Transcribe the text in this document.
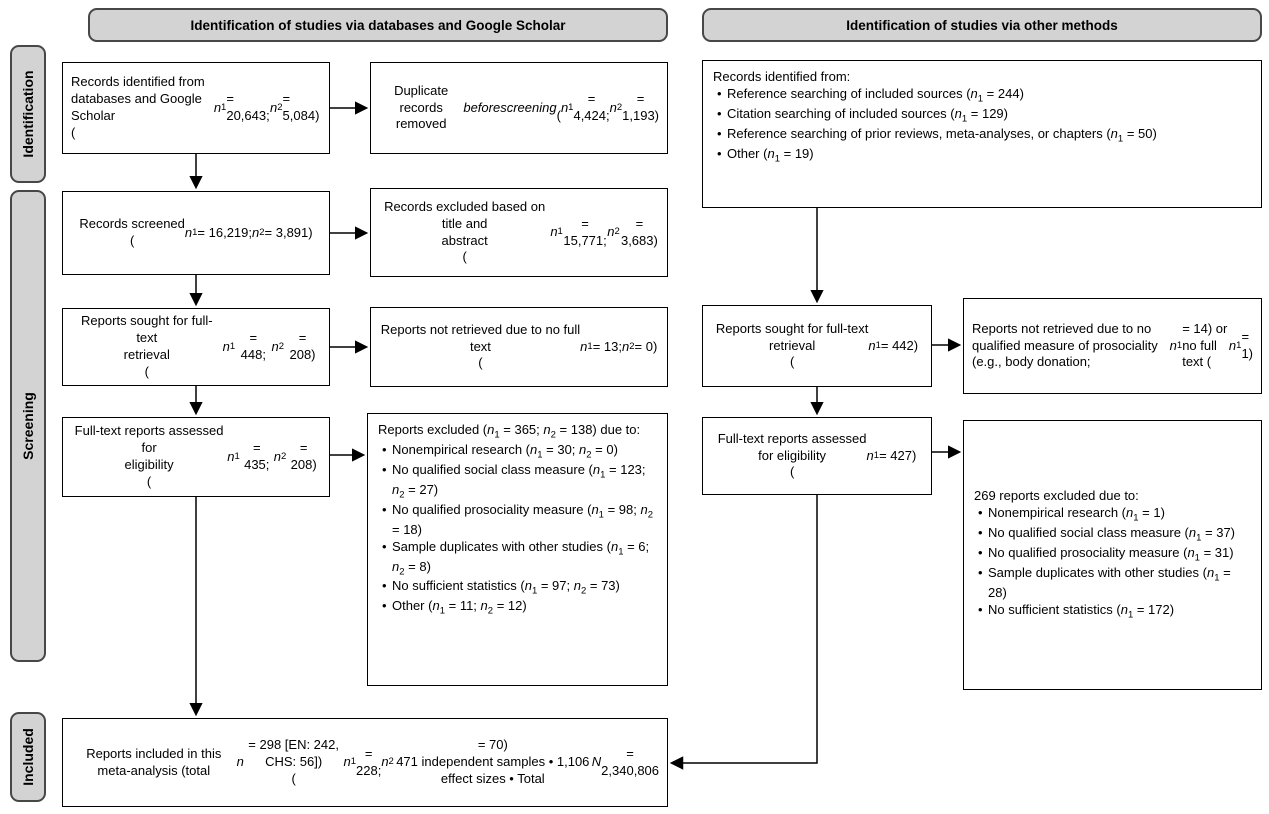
Identification of studies via databases and Google Scholar	Identification of studies via other methods
Identification
Screening
Included
Records identified from
databases and Google Scholar
(
n 1
= 20,643;
n 2
= 5,084)
Duplicate records removed
before screening

(
n 1
= 4,424;
n 2
= 1,193)
Records screened
(
n 1 = 16,219; n 2 = 3,891)
Records excluded based on title and
abstract
(
n 1
= 15,771;
n 2
= 3,683)
Reports sought for full-text
retrieval
(
n 1
= 448;
n 2
= 208)
Reports not retrieved due to no full
text
(
n 1 = 13; n 2 = 0)
Full-text reports assessed for
eligibility
(
n 1
= 435;
n 2
= 208)
Reports excluded ($n_1 = 365$; $n_2 = 138$) due to:
• Nonempirical research ($n_1 = 30$; $n_2 = 0$)
• No qualified social class measure ($n_1 = 123$; $n_2 = 27$)
• No qualified prosociality measure ($n_1 = 98$; $n_2 = 18$)
• Sample duplicates with other studies ($n_1 = 6$; $n_2 = 8$)
• No sufficient statistics ($n_1 = 97$; $n_2 = 73$)
• Other ($n_1 = 11$; $n_2 = 12$)
Records identified from:
• Reference searching of included sources $(n_1 = 244)$
• Citation searching of included sources $(n_1 = 129)$
• Reference searching of prior reviews, meta-analyses, or chapters $(n_1 = 50)$
• Other $(n_1 = 19)$
Reports sought for full-text
retrieval
(
n 1 = 442)
Reports not retrieved due to no qualified measure of prosociality (e.g., body donation;
n 1
= 14) or no full text (
n 1
= 1)
Full-text reports assessed
for eligibility
(
n 1 = 427)
269 reports excluded due to:
• Nonempirical research $(n_1 = 1)$
• No qualified social class measure $(n_1 = 37)$
• No qualified prosociality measure $(n_1 = 31)$
• Sample duplicates with other studies $(n_1 = 28)$
• No sufficient statistics $(n_1 = 172)$
Reports included in this meta-analysis (total
n
= 298 [EN: 242, CHS: 56])
(
n 1
= 228;
n 2
= 70)
471 independent samples • 1,106 effect sizes • Total
N
= 2,340,806
